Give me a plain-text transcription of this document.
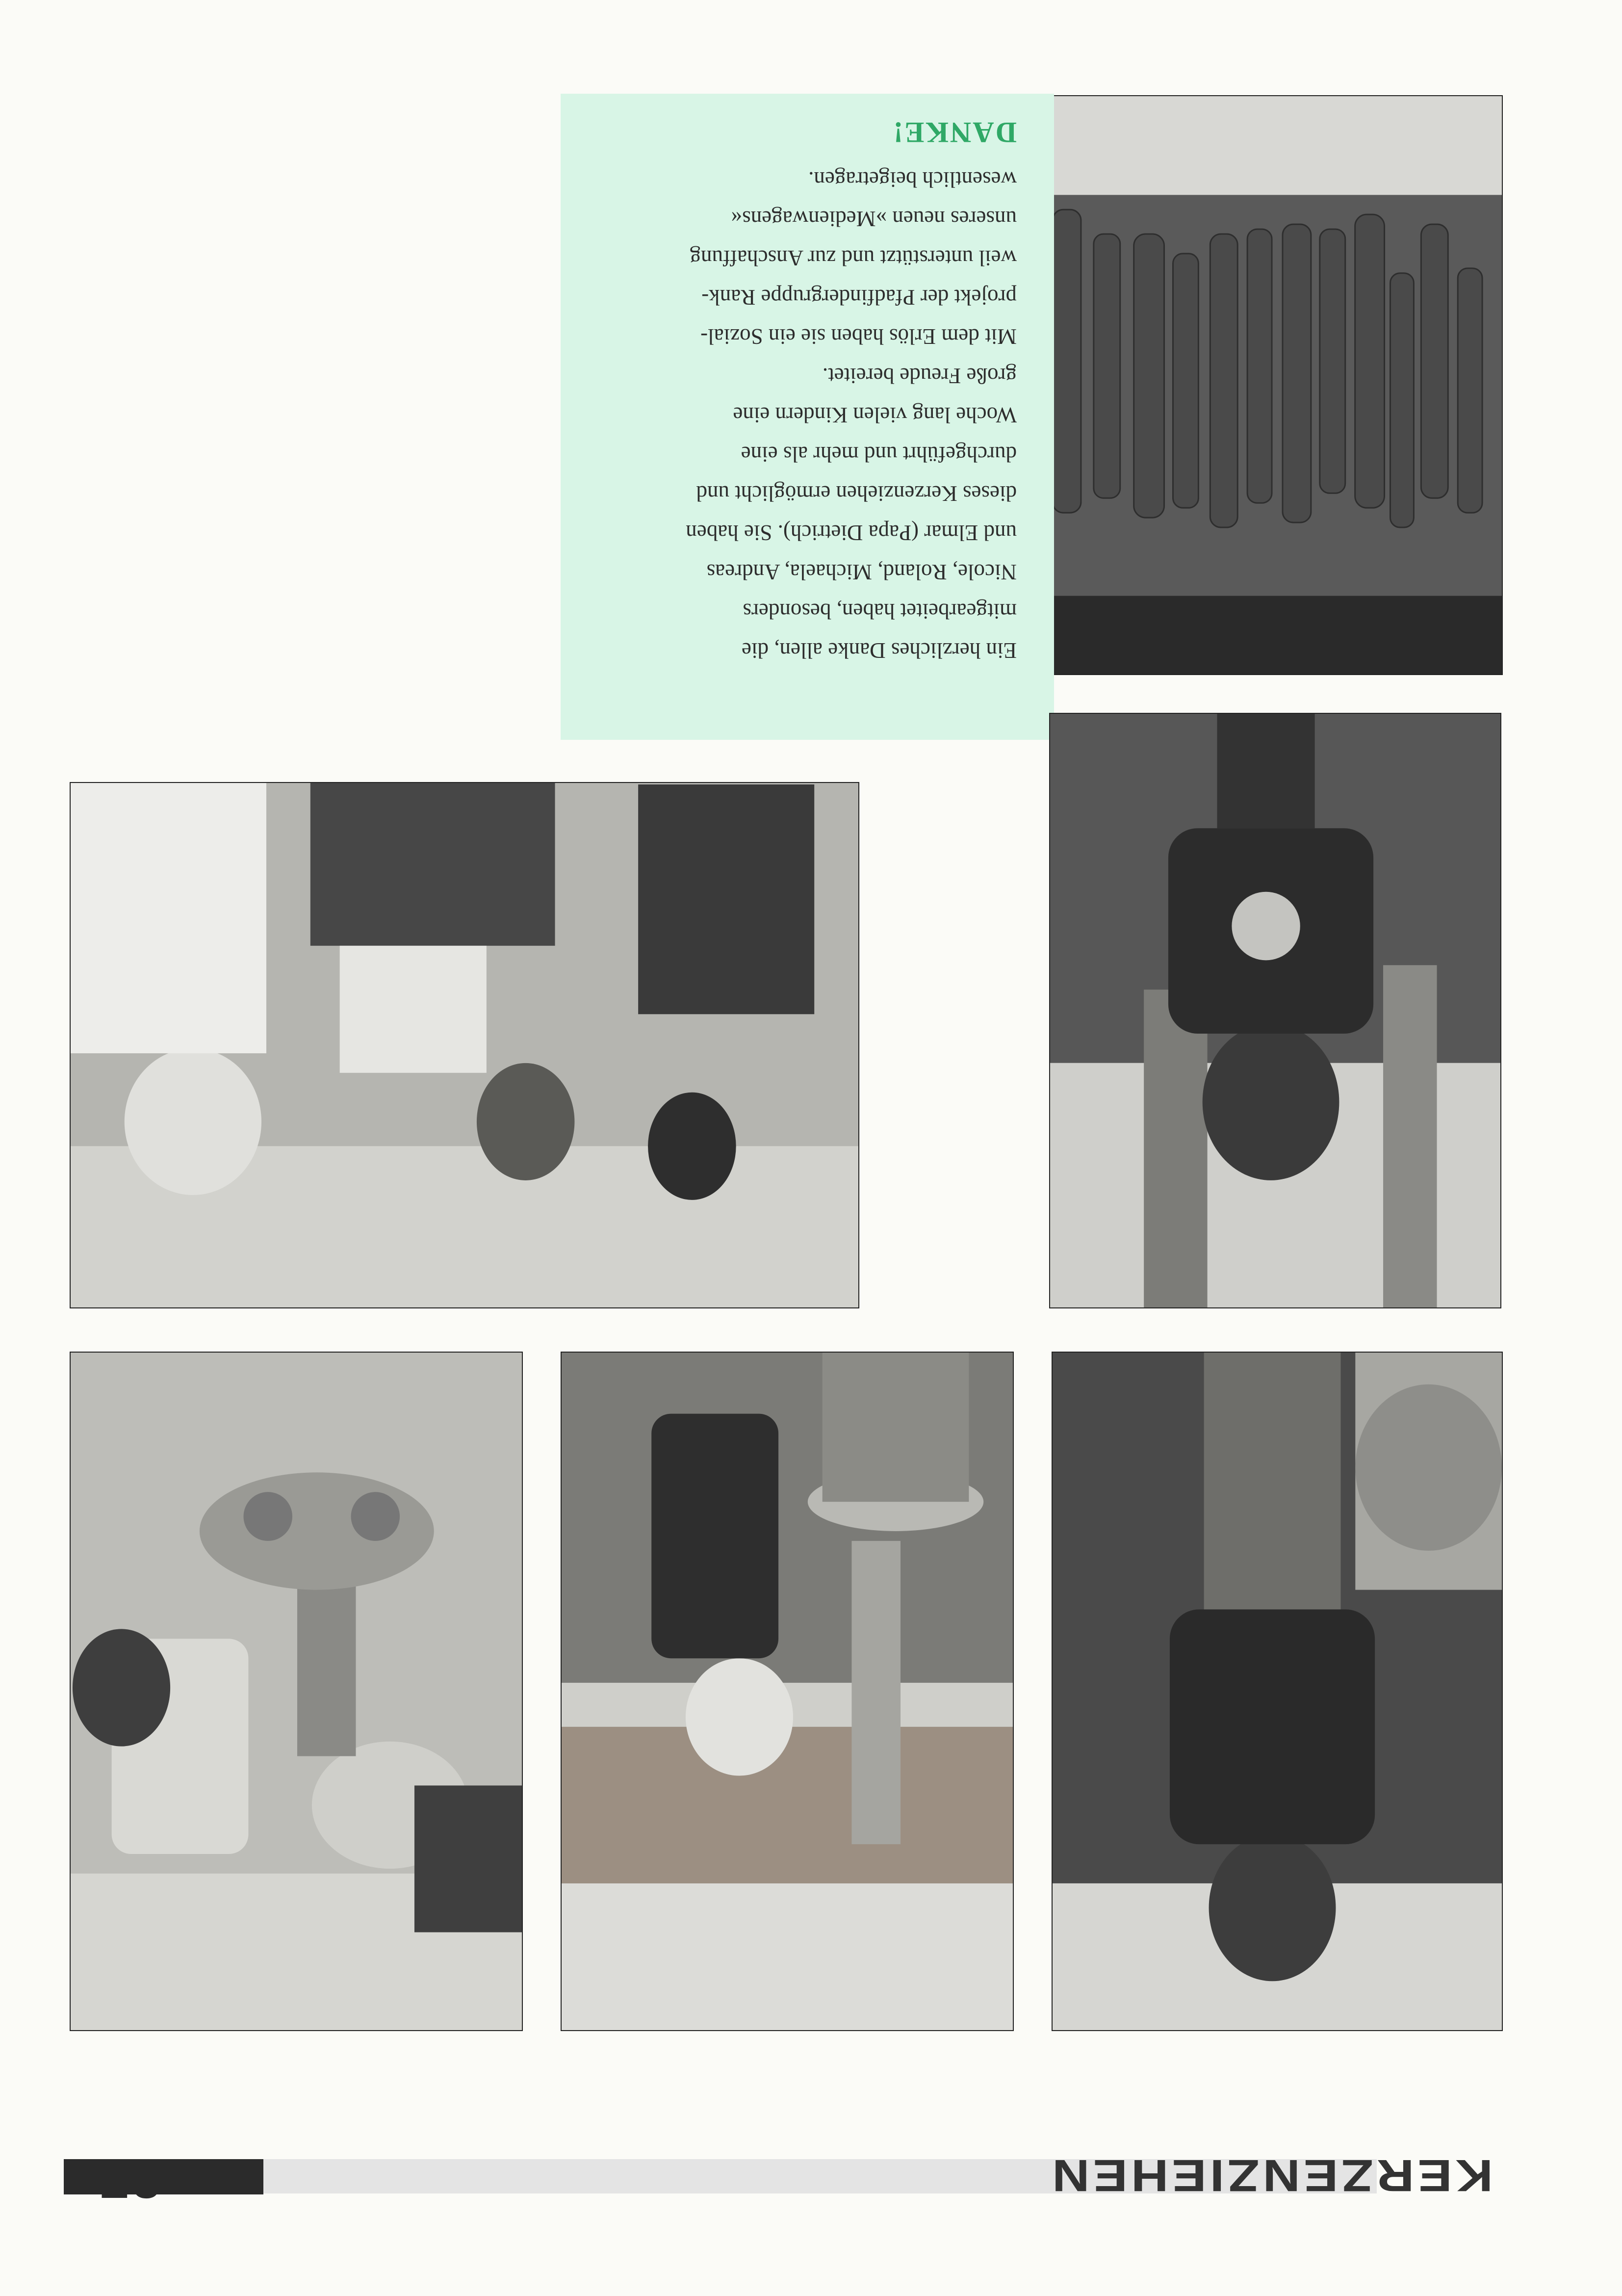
Ein herzliches Danke allen, die
mitgearbeitet haben, besonders
Nicole, Roland, Michaela, Andreas
und Elmar (Papa Dietrich). Sie haben
dieses Kerzenziehen ermöglicht und
durchgeführt und mehr als eine
Woche lang vielen Kindern eine
große Freude bereitet.

Mit dem Erlös haben sie ein Sozial-
projekt der Pfadfindergruppe Rank-
weil unterstützt und zur Anschaffung
unseres neuen »Medienwagens«
wesentlich beigetragen.

DANKE!
KERZENZIEHEN
27
